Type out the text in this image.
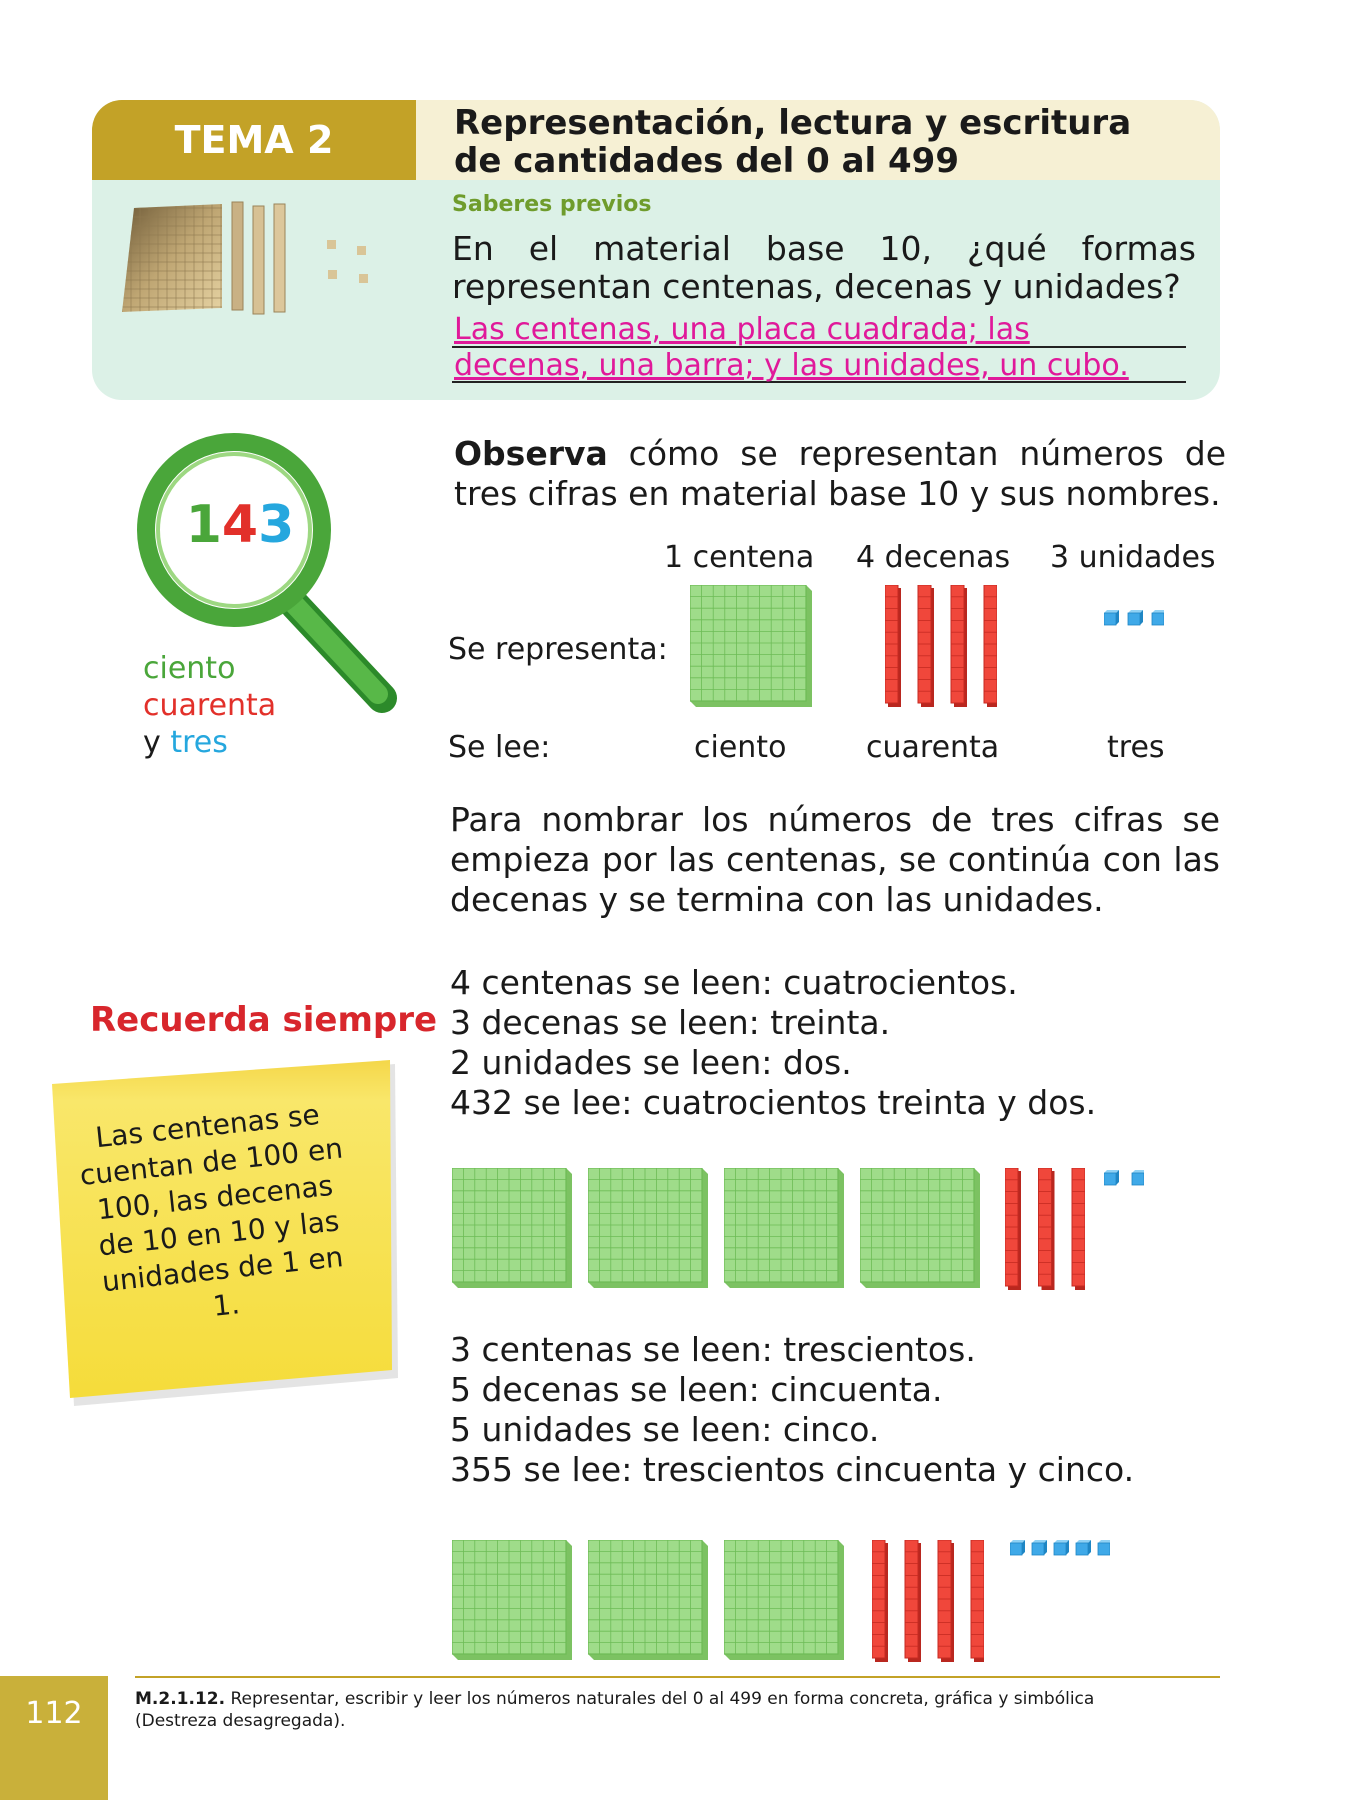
TEMA 2	Representación, lectura y escritura
de cantidades del 0 al 499
Saberes previos
En el material base 10, ¿qué formas representan centenas, decenas y unidades?
Las centenas, una placa cuadrada; las
decenas, una barra; y las unidades, un cubo.
143
ciento
cuarenta
y tres
Observa cómo se representan números de tres cifras en material base 10 y sus nombres.
1 centena 4 decenas 3 unidades
Se representa:
Se lee:	ciento	cuarenta	tres
Para nombrar los números de tres cifras se empieza por las centenas, se continúa con las decenas y se termina con las unidades.
4 centenas se leen: cuatrocientos.
3 decenas se leen: treinta.
2 unidades se leen: dos.
432 se lee: cuatrocientos treinta y dos.
3 centenas se leen: trescientos.
5 decenas se leen: cincuenta.
5 unidades se leen: cinco.
355 se lee: trescientos cincuenta y cinco.
Recuerda siempre
Las centenas se cuentan de 100 en 100, las decenas de 10 en 10 y las unidades de 1 en 1.
112	M.2.1.12. Representar, escribir y leer los números naturales del 0 al 499 en forma concreta, gráfica y simbólica (Destreza desagregada).
